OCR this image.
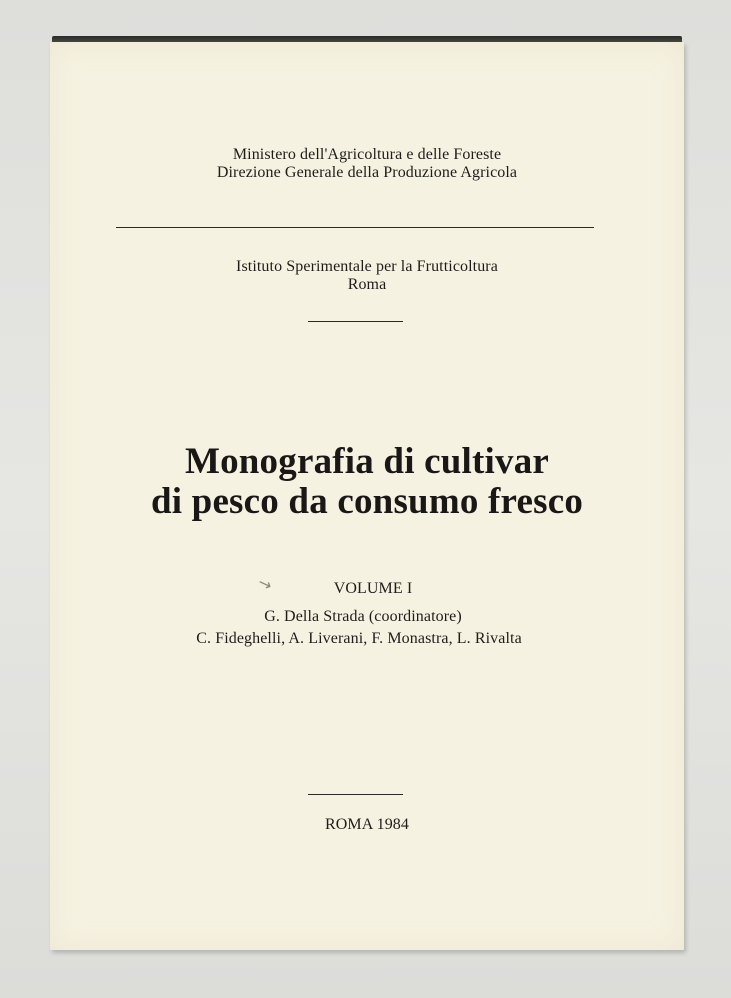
Ministero dell'Agricoltura e delle Foreste
Direzione Generale della Produzione Agricola
Istituto Sperimentale per la Frutticoltura
Roma
Monografia di cultivar
di pesco da consumo fresco
↘	VOLUME I
G. Della Strada (coordinatore)
C. Fideghelli, A. Liverani, F. Monastra, L. Rivalta
ROMA 1984
